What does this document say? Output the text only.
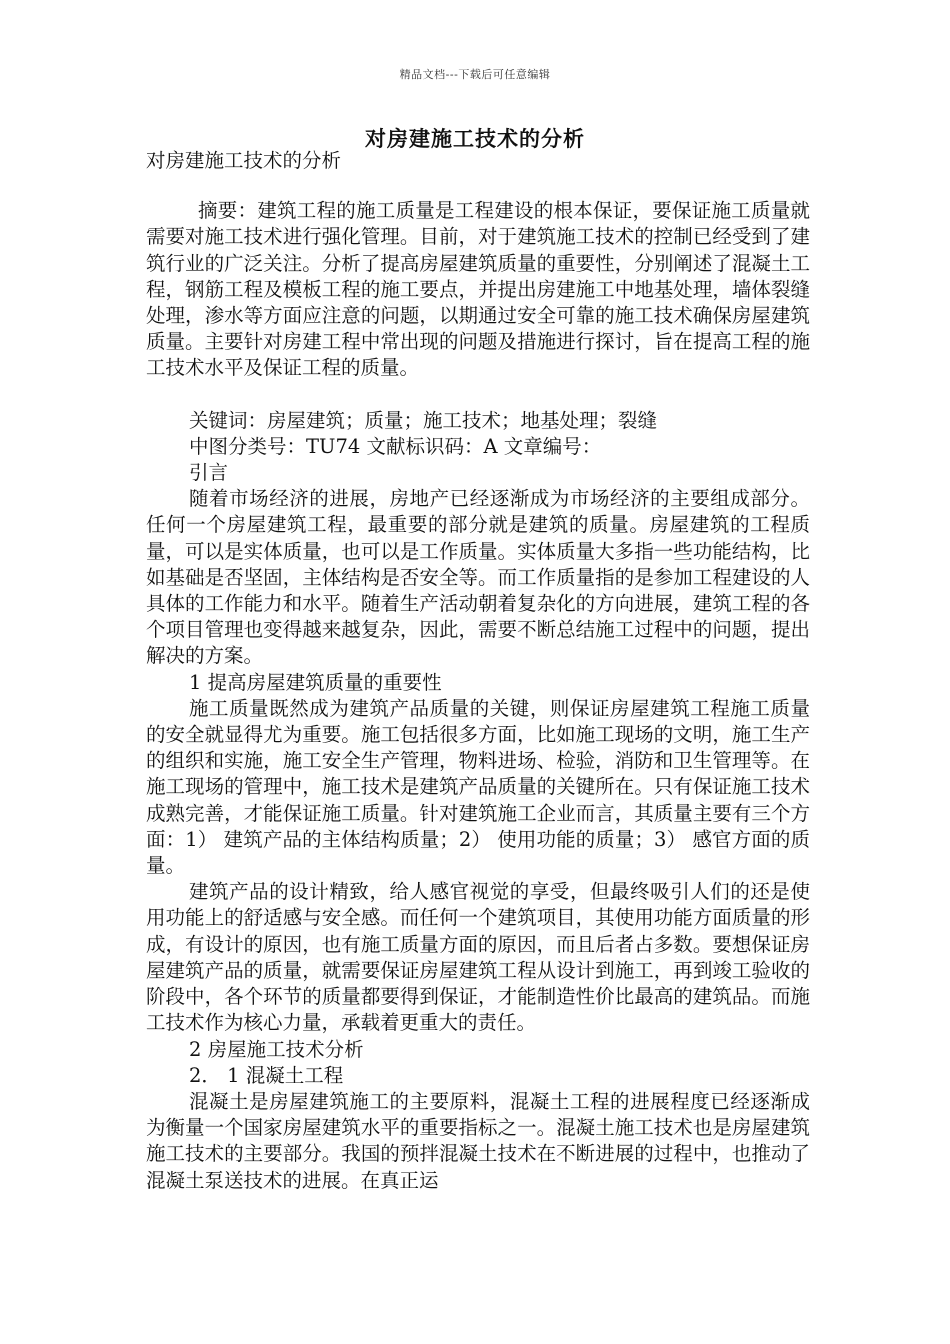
精品文档---下载后可任意编辑
对房建施工技术的分析

对房建施工技术的分析

摘要：建筑工程的施工质量是工程建设的根本保证，要保证施工质量就需要对施工技术进行强化管理。目前，对于建筑施工技术的控制已经受到了建筑行业的广泛关注。分析了提高房屋建筑质量的重要性，分别阐述了混凝土工程，钢筋工程及模板工程的施工要点，并提出房建施工中地基处理，墙体裂缝处理，渗水等方面应注意的问题，以期通过安全可靠的施工技术确保房屋建筑质量。主要针对房建工程中常出现的问题及措施进行探讨，旨在提高工程的施工技术水平及保证工程的质量。

关键词：房屋建筑；质量；施工技术；地基处理；裂缝

中图分类号：TU74 文献标识码：A 文章编号：

引言

随着市场经济的进展，房地产已经逐渐成为市场经济的主要组成部分。任何一个房屋建筑工程，最重要的部分就是建筑的质量。房屋建筑的工程质量，可以是实体质量，也可以是工作质量。实体质量大多指一些功能结构，比如基础是否坚固，主体结构是否安全等。而工作质量指的是参加工程建设的人具体的工作能力和水平。随着生产活动朝着复杂化的方向进展，建筑工程的各个项目管理也变得越来越复杂，因此，需要不断总结施工过程中的问题，提出解决的方案。

1 提高房屋建筑质量的重要性

施工质量既然成为建筑产品质量的关键，则保证房屋建筑工程施工质量的安全就显得尤为重要。施工包括很多方面，比如施工现场的文明，施工生产的组织和实施，施工安全生产管理，物料进场、检验，消防和卫生管理等。在施工现场的管理中，施工技术是建筑产品质量的关键所在。只有保证施工技术成熟完善，才能保证施工质量。针对建筑施工企业而言，其质量主要有三个方面：1） 建筑产品的主体结构质量；2） 使用功能的质量；3） 感官方面的质量。

建筑产品的设计精致，给人感官视觉的享受，但最终吸引人们的还是使用功能上的舒适感与安全感。而任何一个建筑项目，其使用功能方面质量的形成，有设计的原因，也有施工质量方面的原因，而且后者占多数。要想保证房屋建筑产品的质量，就需要保证房屋建筑工程从设计到施工，再到竣工验收的阶段中，各个环节的质量都要得到保证，才能制造性价比最高的建筑品。而施工技术作为核心力量，承载着更重大的责任。

2 房屋施工技术分析

2． 1 混凝土工程

混凝土是房屋建筑施工的主要原料，混凝土工程的进展程度已经逐渐成为衡量一个国家房屋建筑水平的重要指标之一。混凝土施工技术也是房屋建筑施工技术的主要部分。我国的预拌混凝土技术在不断进展的过程中，也推动了混凝土泵送技术的进展。在真正运
